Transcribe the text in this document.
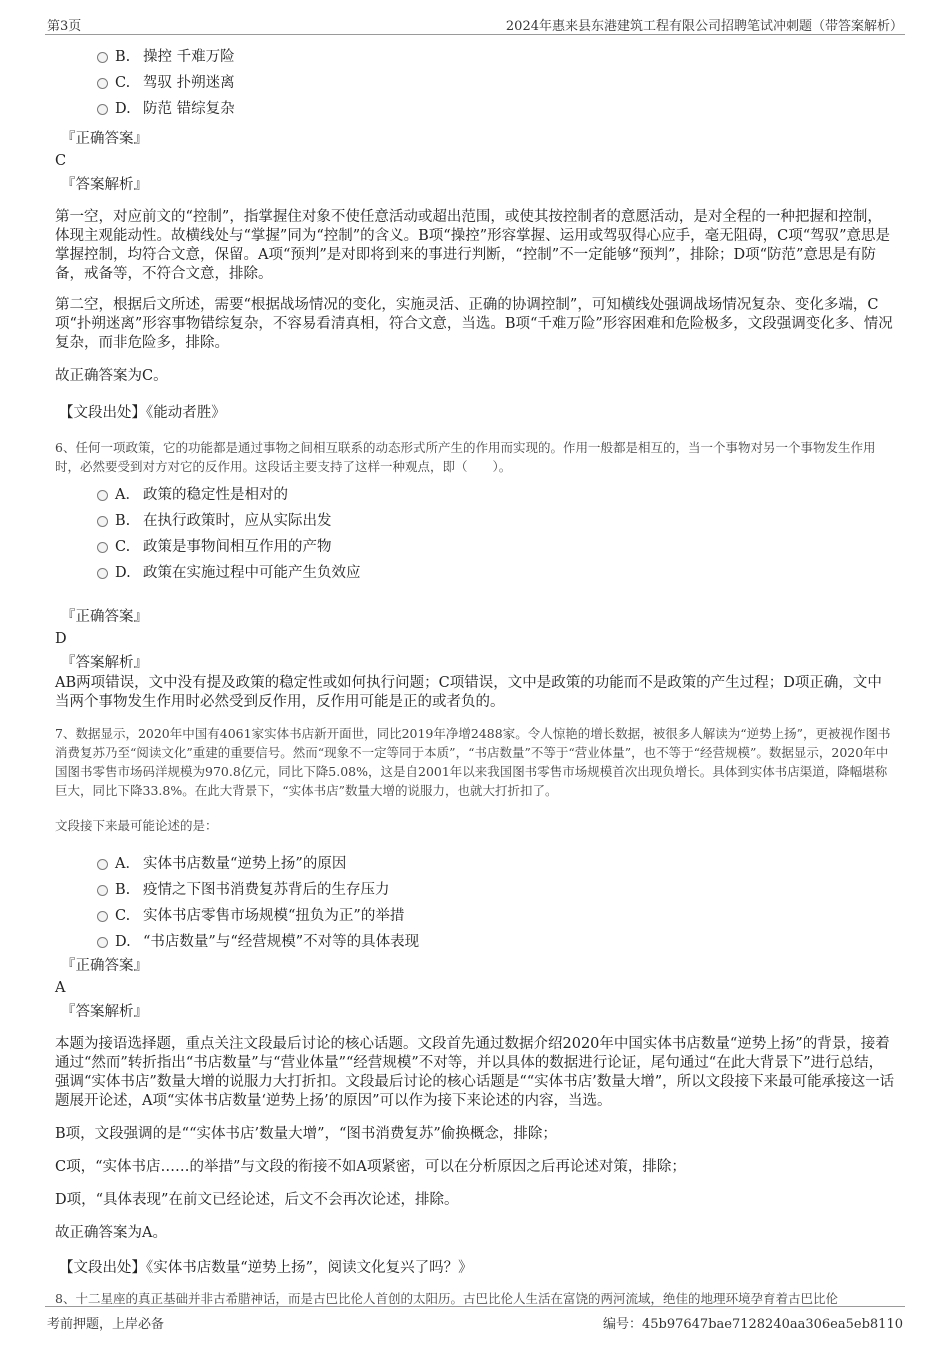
第3页	2024年惠来县东港建筑工程有限公司招聘笔试冲刺题（带答案解析）
B. 操控 千难万险
C. 驾驭 扑朔迷离
D. 防范 错综复杂

『正确答案』

C

『答案解析』

第一空，对应前文的“控制”，指掌握住对象不使任意活动或超出范围，或使其按控制者的意愿活动，是对全程的一种把握和控制，体现主观能动性。故横线处与“掌握”同为“控制”的含义。B项“操控”形容掌握、运用或驾驭得心应手，毫无阻碍，C项“驾驭”意思是掌握控制，均符合文意，保留。A项“预判”是对即将到来的事进行判断，“控制”不一定能够“预判”，排除；D项“防范”意思是有防备，戒备等，不符合文意，排除。

第二空，根据后文所述，需要“根据战场情况的变化，实施灵活、正确的协调控制”，可知横线处强调战场情况复杂、变化多端，C项“扑朔迷离”形容事物错综复杂，不容易看清真相，符合文意，当选。B项“千难万险”形容困难和危险极多，文段强调变化多、情况复杂，而非危险多，排除。

故正确答案为C。

【文段出处】《能动者胜》

6、任何一项政策，它的功能都是通过事物之间相互联系的动态形式所产生的作用而实现的。作用一般都是相互的，当一个事物对另一个事物发生作用时，必然要受到对方对它的反作用。这段话主要支持了这样一种观点，即（　　）。

A． 政策的稳定性是相对的
B. 在执行政策时，应从实际出发
C. 政策是事物间相互作用的产物
D. 政策在实施过程中可能产生负效应

『正确答案』

D

『答案解析』

AB两项错误，文中没有提及政策的稳定性或如何执行问题；C项错误，文中是政策的功能而不是政策的产生过程；D项正确，文中当两个事物发生作用时必然受到反作用，反作用可能是正的或者负的。

7、数据显示，2020年中国有4061家实体书店新开面世，同比2019年净增2488家。令人惊艳的增长数据，被很多人解读为“逆势上扬”，更被视作图书消费复苏乃至“阅读文化”重建的重要信号。然而“现象不一定等同于本质”，“书店数量”不等于“营业体量”，也不等于“经营规模”。数据显示，2020年中国图书零售市场码洋规模为970.8亿元，同比下降5.08%，这是自2001年以来我国图书零售市场规模首次出现负增长。具体到实体书店渠道，降幅堪称巨大，同比下降33.8%。在此大背景下，“实体书店”数量大增的说服力，也就大打折扣了。

文段接下来最可能论述的是：

A． 实体书店数量“逆势上扬”的原因
B. 疫情之下图书消费复苏背后的生存压力
C. 实体书店零售市场规模“扭负为正”的举措
D. “书店数量”与“经营规模”不对等的具体表现

『正确答案』

A

『答案解析』

本题为接语选择题，重点关注文段最后讨论的核心话题。文段首先通过数据介绍2020年中国实体书店数量“逆势上扬”的背景，接着通过“然而”转折指出“书店数量”与“营业体量”“经营规模”不对等，并以具体的数据进行论证，尾句通过“在此大背景下”进行总结，强调“实体书店”数量大增的说服力大打折扣。文段最后讨论的核心话题是““实体书店’数量大增”，所以文段接下来最可能承接这一话题展开论述，A项“实体书店数量‘逆势上扬’的原因”可以作为接下来论述的内容，当选。

B项，文段强调的是““实体书店’数量大增”，“图书消费复苏”偷换概念，排除；

C项，“实体书店……的举措”与文段的衔接不如A项紧密，可以在分析原因之后再论述对策，排除；

D项，“具体表现”在前文已经论述，后文不会再次论述，排除。

故正确答案为A。

【文段出处】《实体书店数量“逆势上扬”，阅读文化复兴了吗？》

8、十二星座的真正基础并非古希腊神话，而是古巴比伦人首创的太阳历。古巴比伦人生活在富饶的两河流域，绝佳的地理环境孕育着古巴比伦

考前押题，上岸必备	编号：45b97647bae7128240aa306ea5eb8110
